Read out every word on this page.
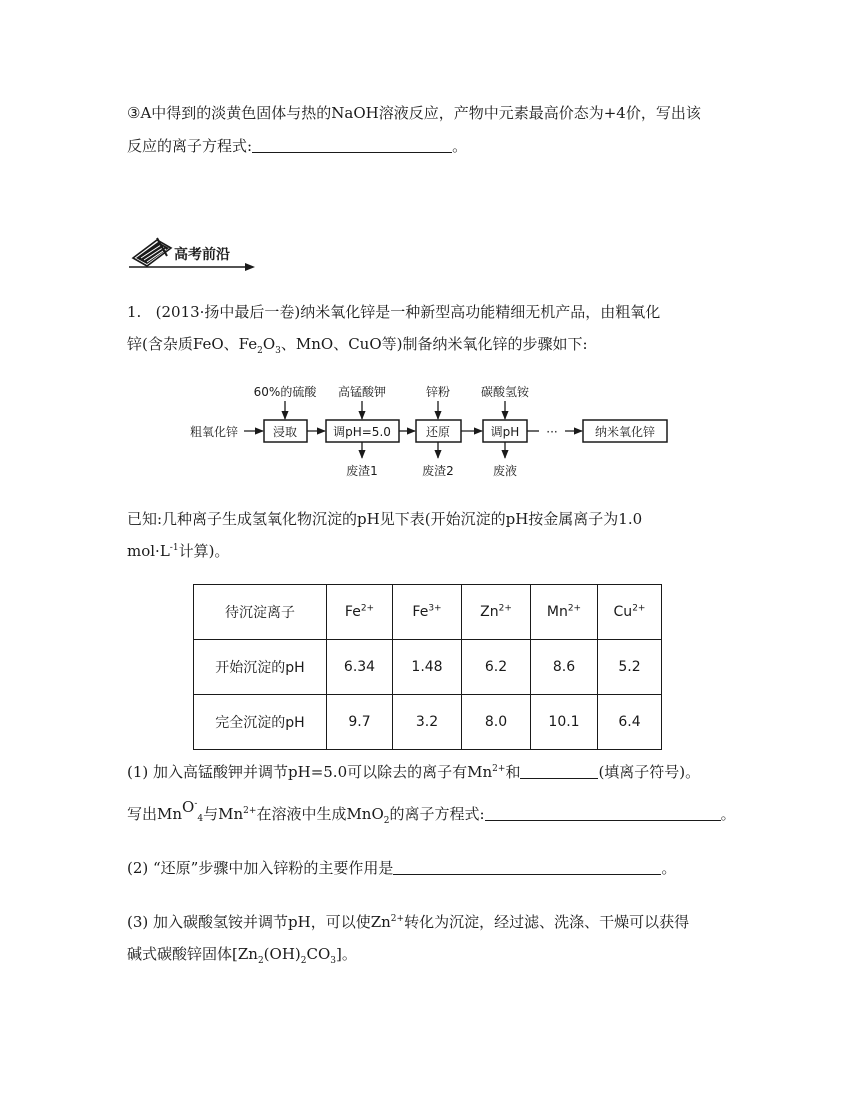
③A中得到的淡黄色固体与热的NaOH溶液反应，产物中元素最高价态为+4价，写出该
反应的离子方程式:	。
高考前沿
1. (2013·扬中最后一卷)纳米氧化锌是一种新型高功能精细无机产品，由粗氧化
锌(含杂质FeO、$Fe_2O_3$、MnO、CuO等)制备纳米氧化锌的步骤如下:
60%的硫酸 高锰酸钾	锌粉	碳酸氢铵
粗氧化锌	浸取	调pH=5.0	还原	调pH ···	纳米氧化锌
废渣1	废渣2	废液
已知:几种离子生成氢氧化物沉淀的pH见下表(开始沉淀的pH按金属离子为1.0
$mol\cdot L^{-1}$计算)。
待沉淀离子	$Fe^{2+}$	$Fe^{3+}$	$Zn^{2+}$	$Mn^{2+}$	$Cu^{2+}$
开始沉淀的pH	6.34	1.48	6.2	8.6	5.2
完全沉淀的pH	9.7	3.2	8.0	10.1	6.4
(1) 加入高锰酸钾并调节pH=5.0可以除去的离子有$Mn^{2+}$和	(填离子符号)。
写出MnO-$_4$与$Mn^{2+}$在溶液中生成MnO$_2$的离子方程式:	。
(2) “还原”步骤中加入锌粉的主要作用是	。
(3) 加入碳酸氢铵并调节pH，可以使$Zn^{2+}$转化为沉淀，经过滤、洗涤、干燥可以获得
碱式碳酸锌固体$[Zn_2(OH)_2CO_3]$。
